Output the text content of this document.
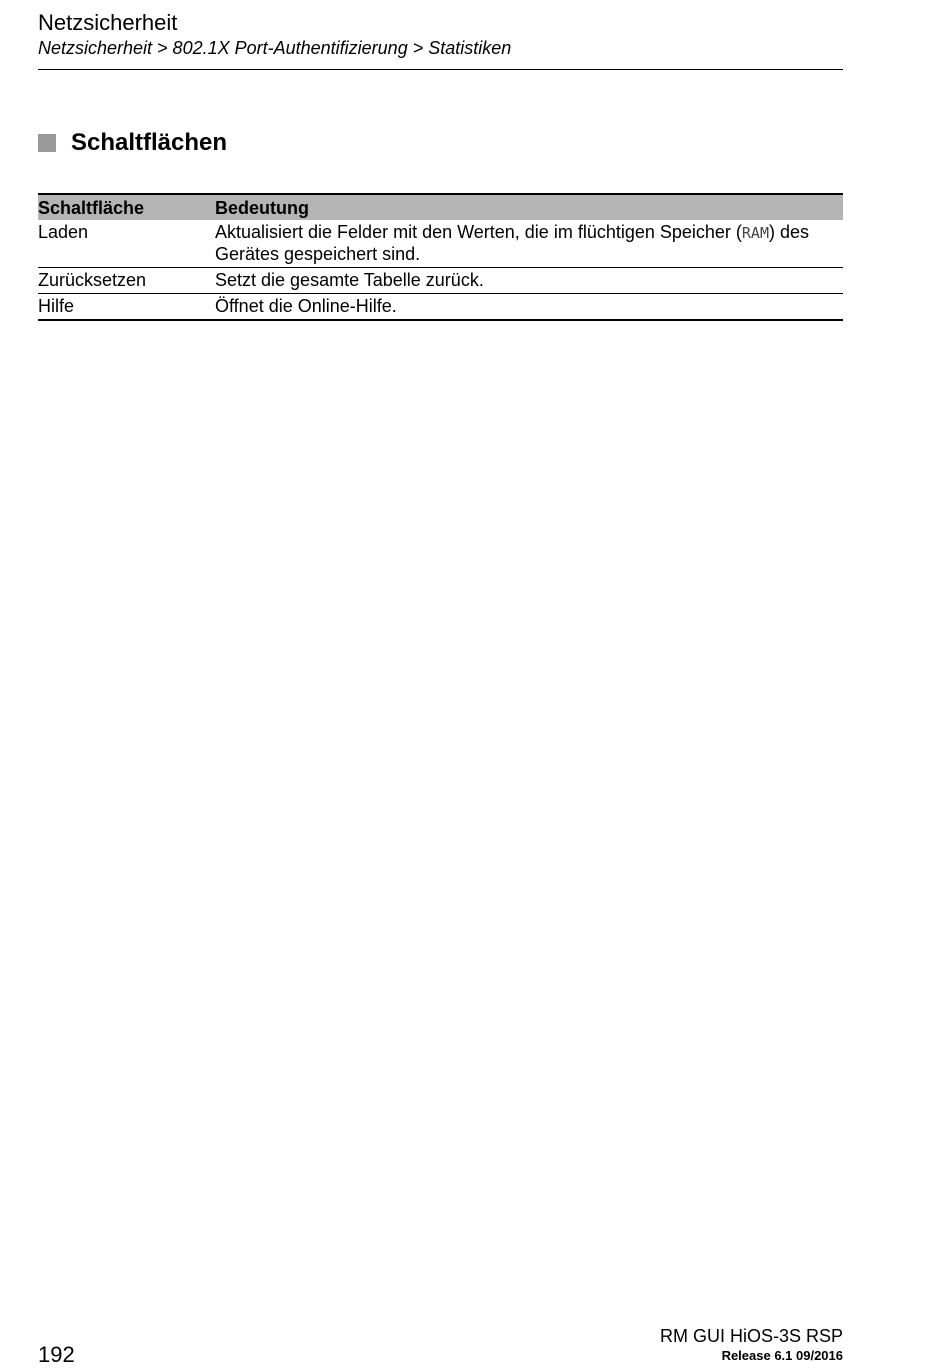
Netzsicherheit
Netzsicherheit > 802.1X Port-Authentifizierung > Statistiken
Schaltflächen
Schaltfläche	Bedeutung
Laden	Aktualisiert die Felder mit den Werten, die im flüchtigen Speicher (RAM) des Gerätes gespeichert sind.
Zurücksetzen	Setzt die gesamte Tabelle zurück.
Hilfe	Öffnet die Online-Hilfe.
192
RM GUI HiOS-3S RSP
Release 6.1 09/2016
